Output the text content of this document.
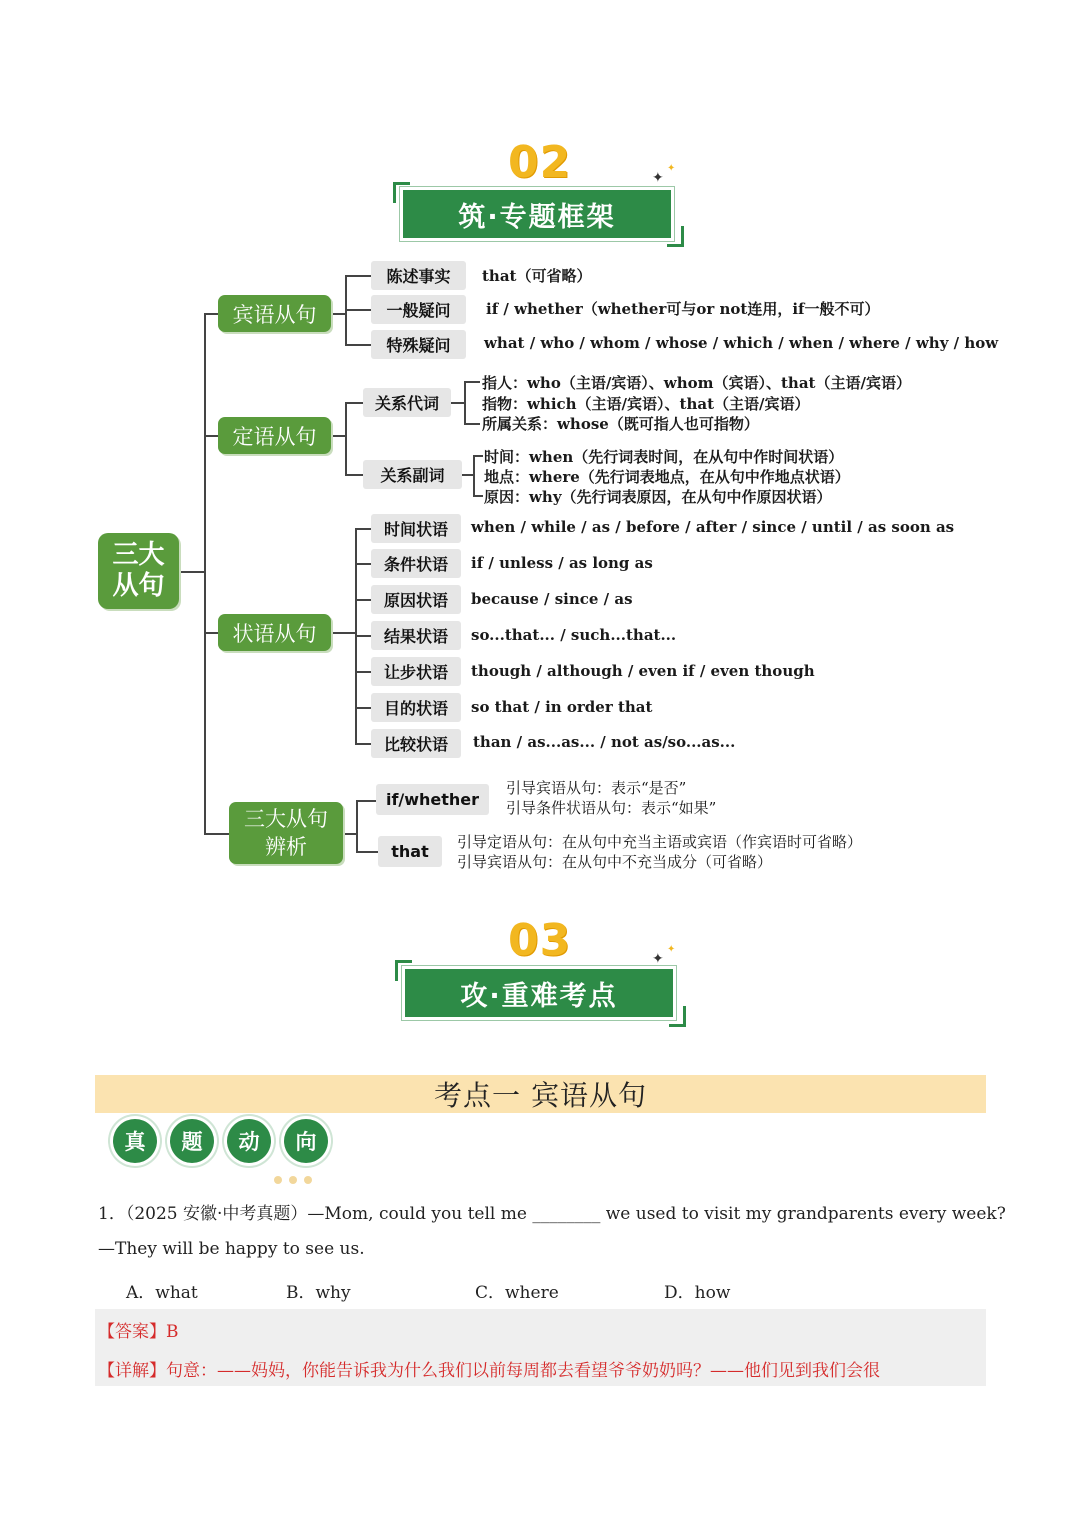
02	✦
✦
筑·专题框架
三大从句
宾语从句
定语从句
状语从句
三大从句
辨析
陈述事实	that（可省略）
一般疑问	if / whether（whether可与or not连用，if一般不可）
特殊疑问	what / who / whom / whose / which / when / where / why / how
关系代词
指人：who（主语/宾语）、whom（宾语）、that（主语/宾语）
指物：which（主语/宾语）、that（主语/宾语）
所属关系：whose（既可指人也可指物）
关系副词
时间：when（先行词表时间，在从句中作时间状语）
地点：where（先行词表地点，在从句中作地点状语）
原因：why（先行词表原因，在从句中作原因状语）
时间状语	when / while / as / before / after / since / until / as soon as
条件状语	if / unless / as long as
原因状语	because / since / as
结果状语	so...that... / such...that...
让步状语	though / although / even if / even though
目的状语	so that / in order that
比较状语	than / as...as... / not as/so...as...
if/whether
引导宾语从句：表示“是否”
引导条件状语从句：表示“如果”
that	引导定语从句：在从句中充当主语或宾语（作宾语时可省略）
引导宾语从句：在从句中不充当成分（可省略）
03	✦
✦
攻·重难考点
考点一 宾语从句
真	题	动	向
1．（2025 安徽·中考真题）—Mom, could you tell me ________ we used to visit my grandparents every week?
—They will be happy to see us.
A．what	B．why	C．where	D．how
【答案】B
【详解】句意：——妈妈，你能告诉我为什么我们以前每周都去看望爷爷奶奶吗？——他们见到我们会很
